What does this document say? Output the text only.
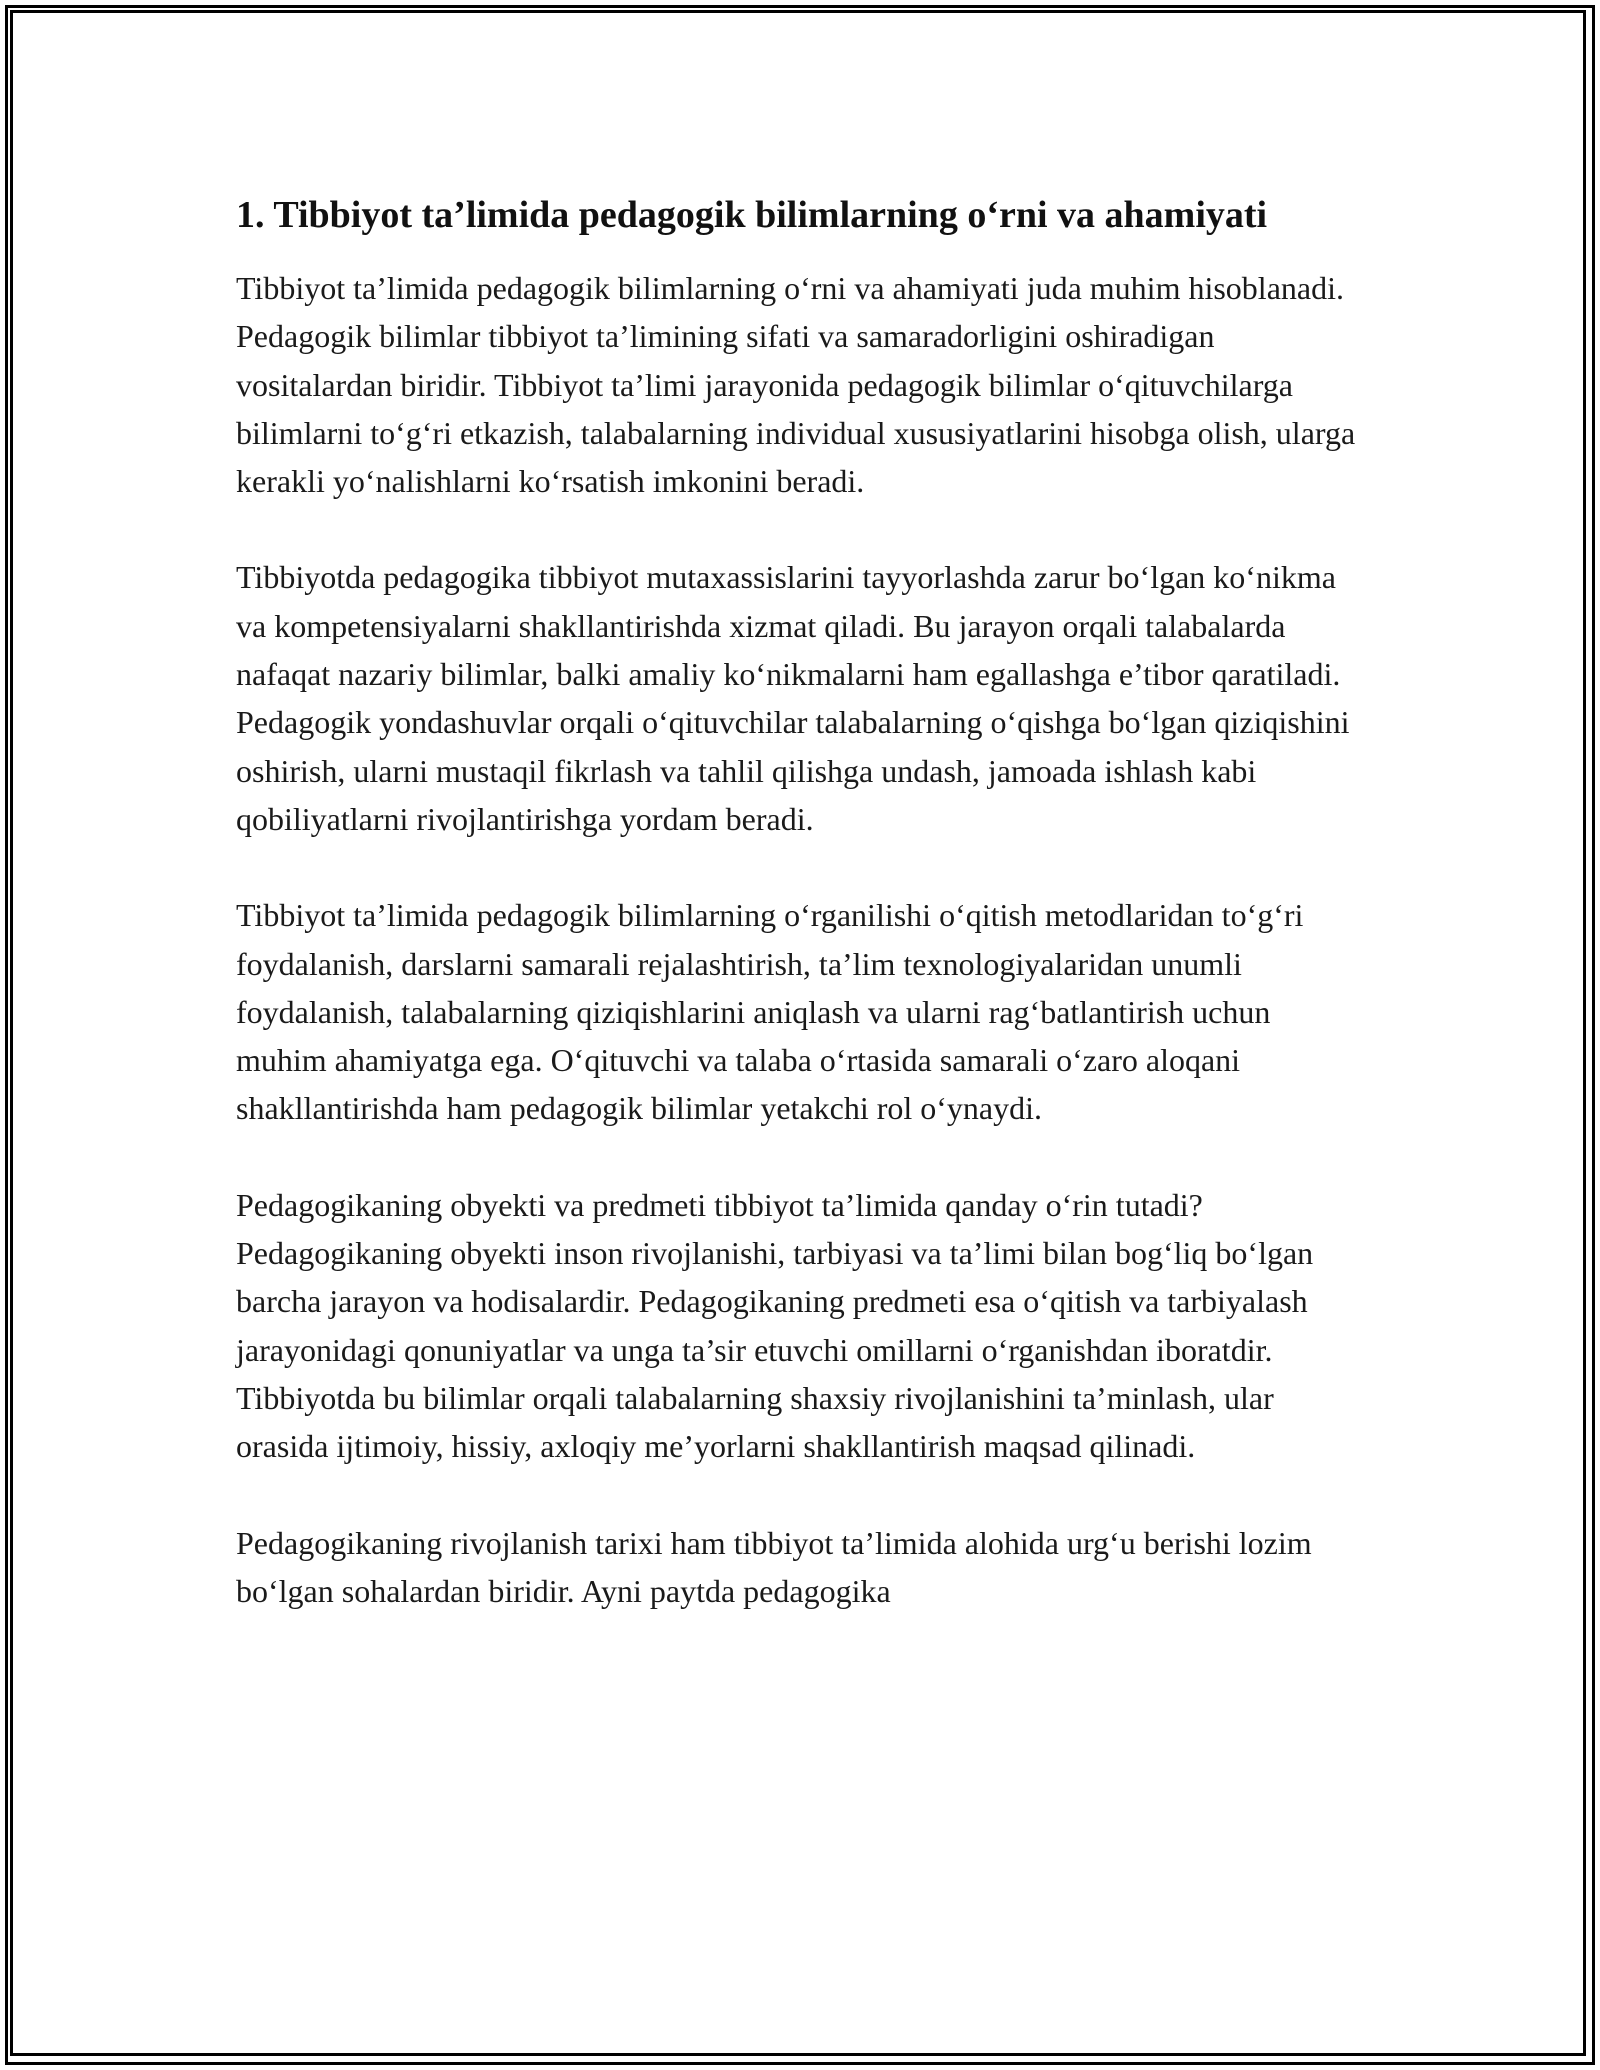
1. Tibbiyot ta’limida pedagogik bilimlarning o‘rni va ahamiyati

Tibbiyot ta’limida pedagogik bilimlarning o‘rni va ahamiyati juda muhim hisoblanadi. Pedagogik bilimlar tibbiyot ta’limining sifati va samaradorligini oshiradigan vositalardan biridir. Tibbiyot ta’limi jarayonida pedagogik bilimlar o‘qituvchilarga bilimlarni to‘g‘ri etkazish, talabalarning individual xususiyatlarini hisobga olish, ularga kerakli yo‘nalishlarni ko‘rsatish imkonini beradi.

Tibbiyotda pedagogika tibbiyot mutaxassislarini tayyorlashda zarur bo‘lgan ko‘nikma va kompetensiyalarni shakllantirishda xizmat qiladi. Bu jarayon orqali talabalarda nafaqat nazariy bilimlar, balki amaliy ko‘nikmalarni ham egallashga e’tibor qaratiladi. Pedagogik yondashuvlar orqali o‘qituvchilar talabalarning o‘qishga bo‘lgan qiziqishini oshirish, ularni mustaqil fikrlash va tahlil qilishga undash, jamoada ishlash kabi qobiliyatlarni rivojlantirishga yordam beradi.

Tibbiyot ta’limida pedagogik bilimlarning o‘rganilishi o‘qitish metodlaridan to‘g‘ri foydalanish, darslarni samarali rejalashtirish, ta’lim texnologiyalaridan unumli foydalanish, talabalarning qiziqishlarini aniqlash va ularni rag‘batlantirish uchun muhim ahamiyatga ega. O‘qituvchi va talaba o‘rtasida samarali o‘zaro aloqani shakllantirishda ham pedagogik bilimlar yetakchi rol o‘ynaydi.

Pedagogikaning obyekti va predmeti tibbiyot ta’limida qanday o‘rin tutadi? Pedagogikaning obyekti inson rivojlanishi, tarbiyasi va ta’limi bilan bog‘liq bo‘lgan barcha jarayon va hodisalardir. Pedagogikaning predmeti esa o‘qitish va tarbiyalash jarayonidagi qonuniyatlar va unga ta’sir etuvchi omillarni o‘rganishdan iboratdir. Tibbiyotda bu bilimlar orqali talabalarning shaxsiy rivojlanishini ta’minlash, ular orasida ijtimoiy, hissiy, axloqiy me’yorlarni shakllantirish maqsad qilinadi.

Pedagogikaning rivojlanish tarixi ham tibbiyot ta’limida alohida urg‘u berishi lozim bo‘lgan sohalardan biridir. Ayni paytda pedagogika
